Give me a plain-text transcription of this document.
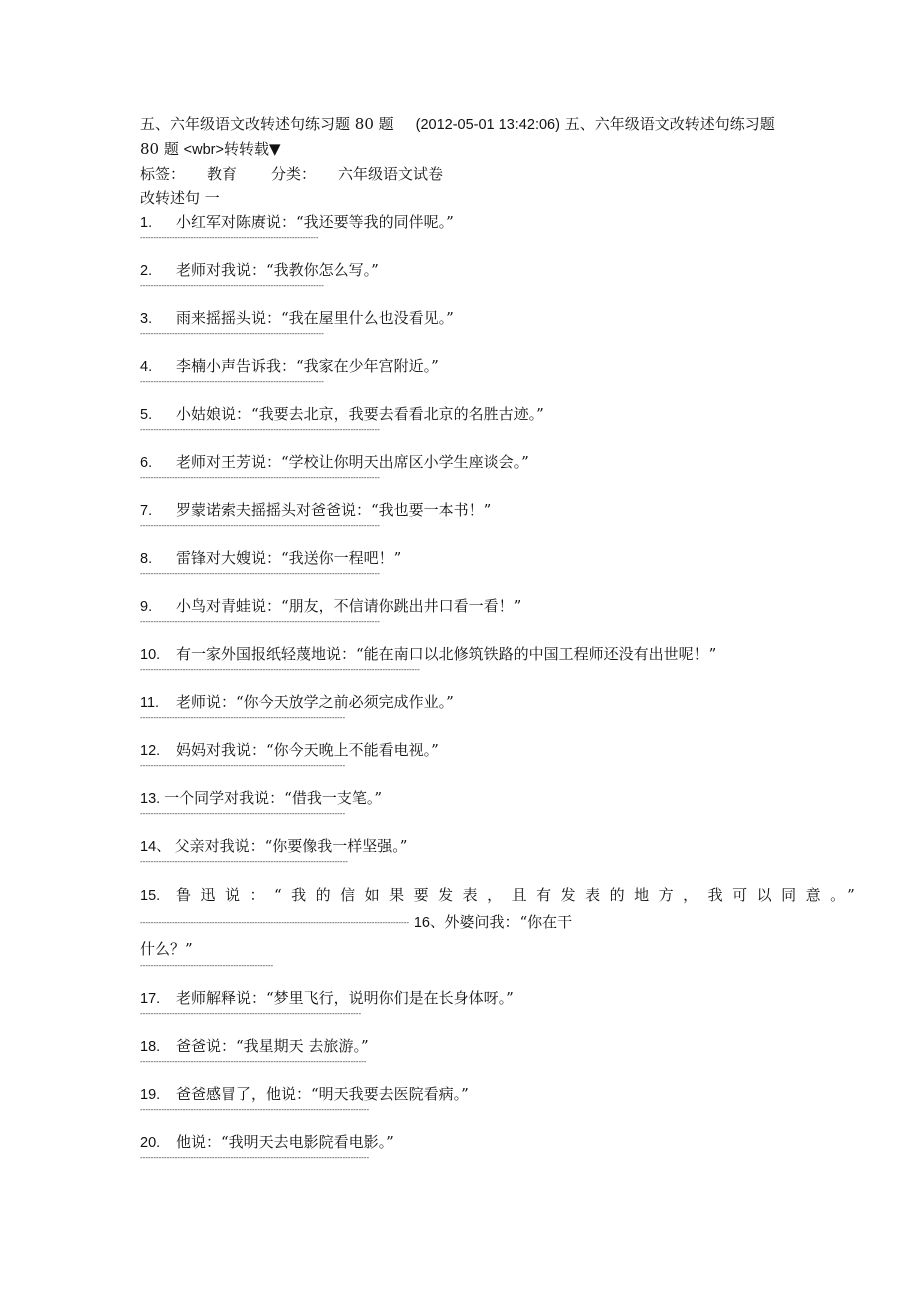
五、六年级语文改转述句练习题 80 题 (2012-05-01 13:42:06) 五、六年级语文改转述句练习题 80 题 <wbr>转转载▼
标签： 教育 分类： 六年级语文试卷
改转述句 一
1. 小红军对陈赓说：“我还要等我的同伴呢。”
-------------------------------------------------------------------
2. 老师对我说：“我教你怎么写。”
---------------------------------------------------------------------
3. 雨来摇摇头说：“我在屋里什么也没看见。”
---------------------------------------------------------------------
4. 李楠小声告诉我：“我家在少年宫附近。”
---------------------------------------------------------------------
5. 小姑娘说：“我要去北京，我要去看看北京的名胜古迹。”
------------------------------------------------------------------------------------------
6. 老师对王芳说：“学校让你明天出席区小学生座谈会。”
------------------------------------------------------------------------------------------
7. 罗蒙诺索夫摇摇头对爸爸说：“我也要一本书！”
------------------------------------------------------------------------------------------
8. 雷锋对大嫂说：“我送你一程吧！”
------------------------------------------------------------------------------------------
9. 小鸟对青蛙说：“朋友，不信请你跳出井口看一看！”
------------------------------------------------------------------------------------------
10. 有一家外国报纸轻蔑地说：“能在南口以北修筑铁路的中国工程师还没有出世呢！”
---------------------------------------------------------------------------------------------------------
11. 老师说：“你今天放学之前必须完成作业。”
-----------------------------------------------------------------------------
12. 妈妈对我说：“你今天晚上不能看电视。”
-----------------------------------------------------------------------------
13. 一个同学对我说：“借我一支笔。”
-----------------------------------------------------------------------------
14、 父亲对我说：“你要像我一样坚强。”
------------------------------------------------------------------------------
15. 鲁迅说：“我的信如果要发表，且有发表的地方，我可以同意。”
----------------------------------------------------------------------------------------------------- 16、外婆问我：“你在干
什么？”
--------------------------------------------------
17. 老师解释说：“梦里飞行，说明你们是在长身体呀。”
-----------------------------------------------------------------------------------
18. 爸爸说：“我星期天 去旅游。”
-------------------------------------------------------------------------------------
19. 爸爸感冒了，他说：“明天我要去医院看病。”
--------------------------------------------------------------------------------------
20. 他说：“我明天去电影院看电影。”
--------------------------------------------------------------------------------------
